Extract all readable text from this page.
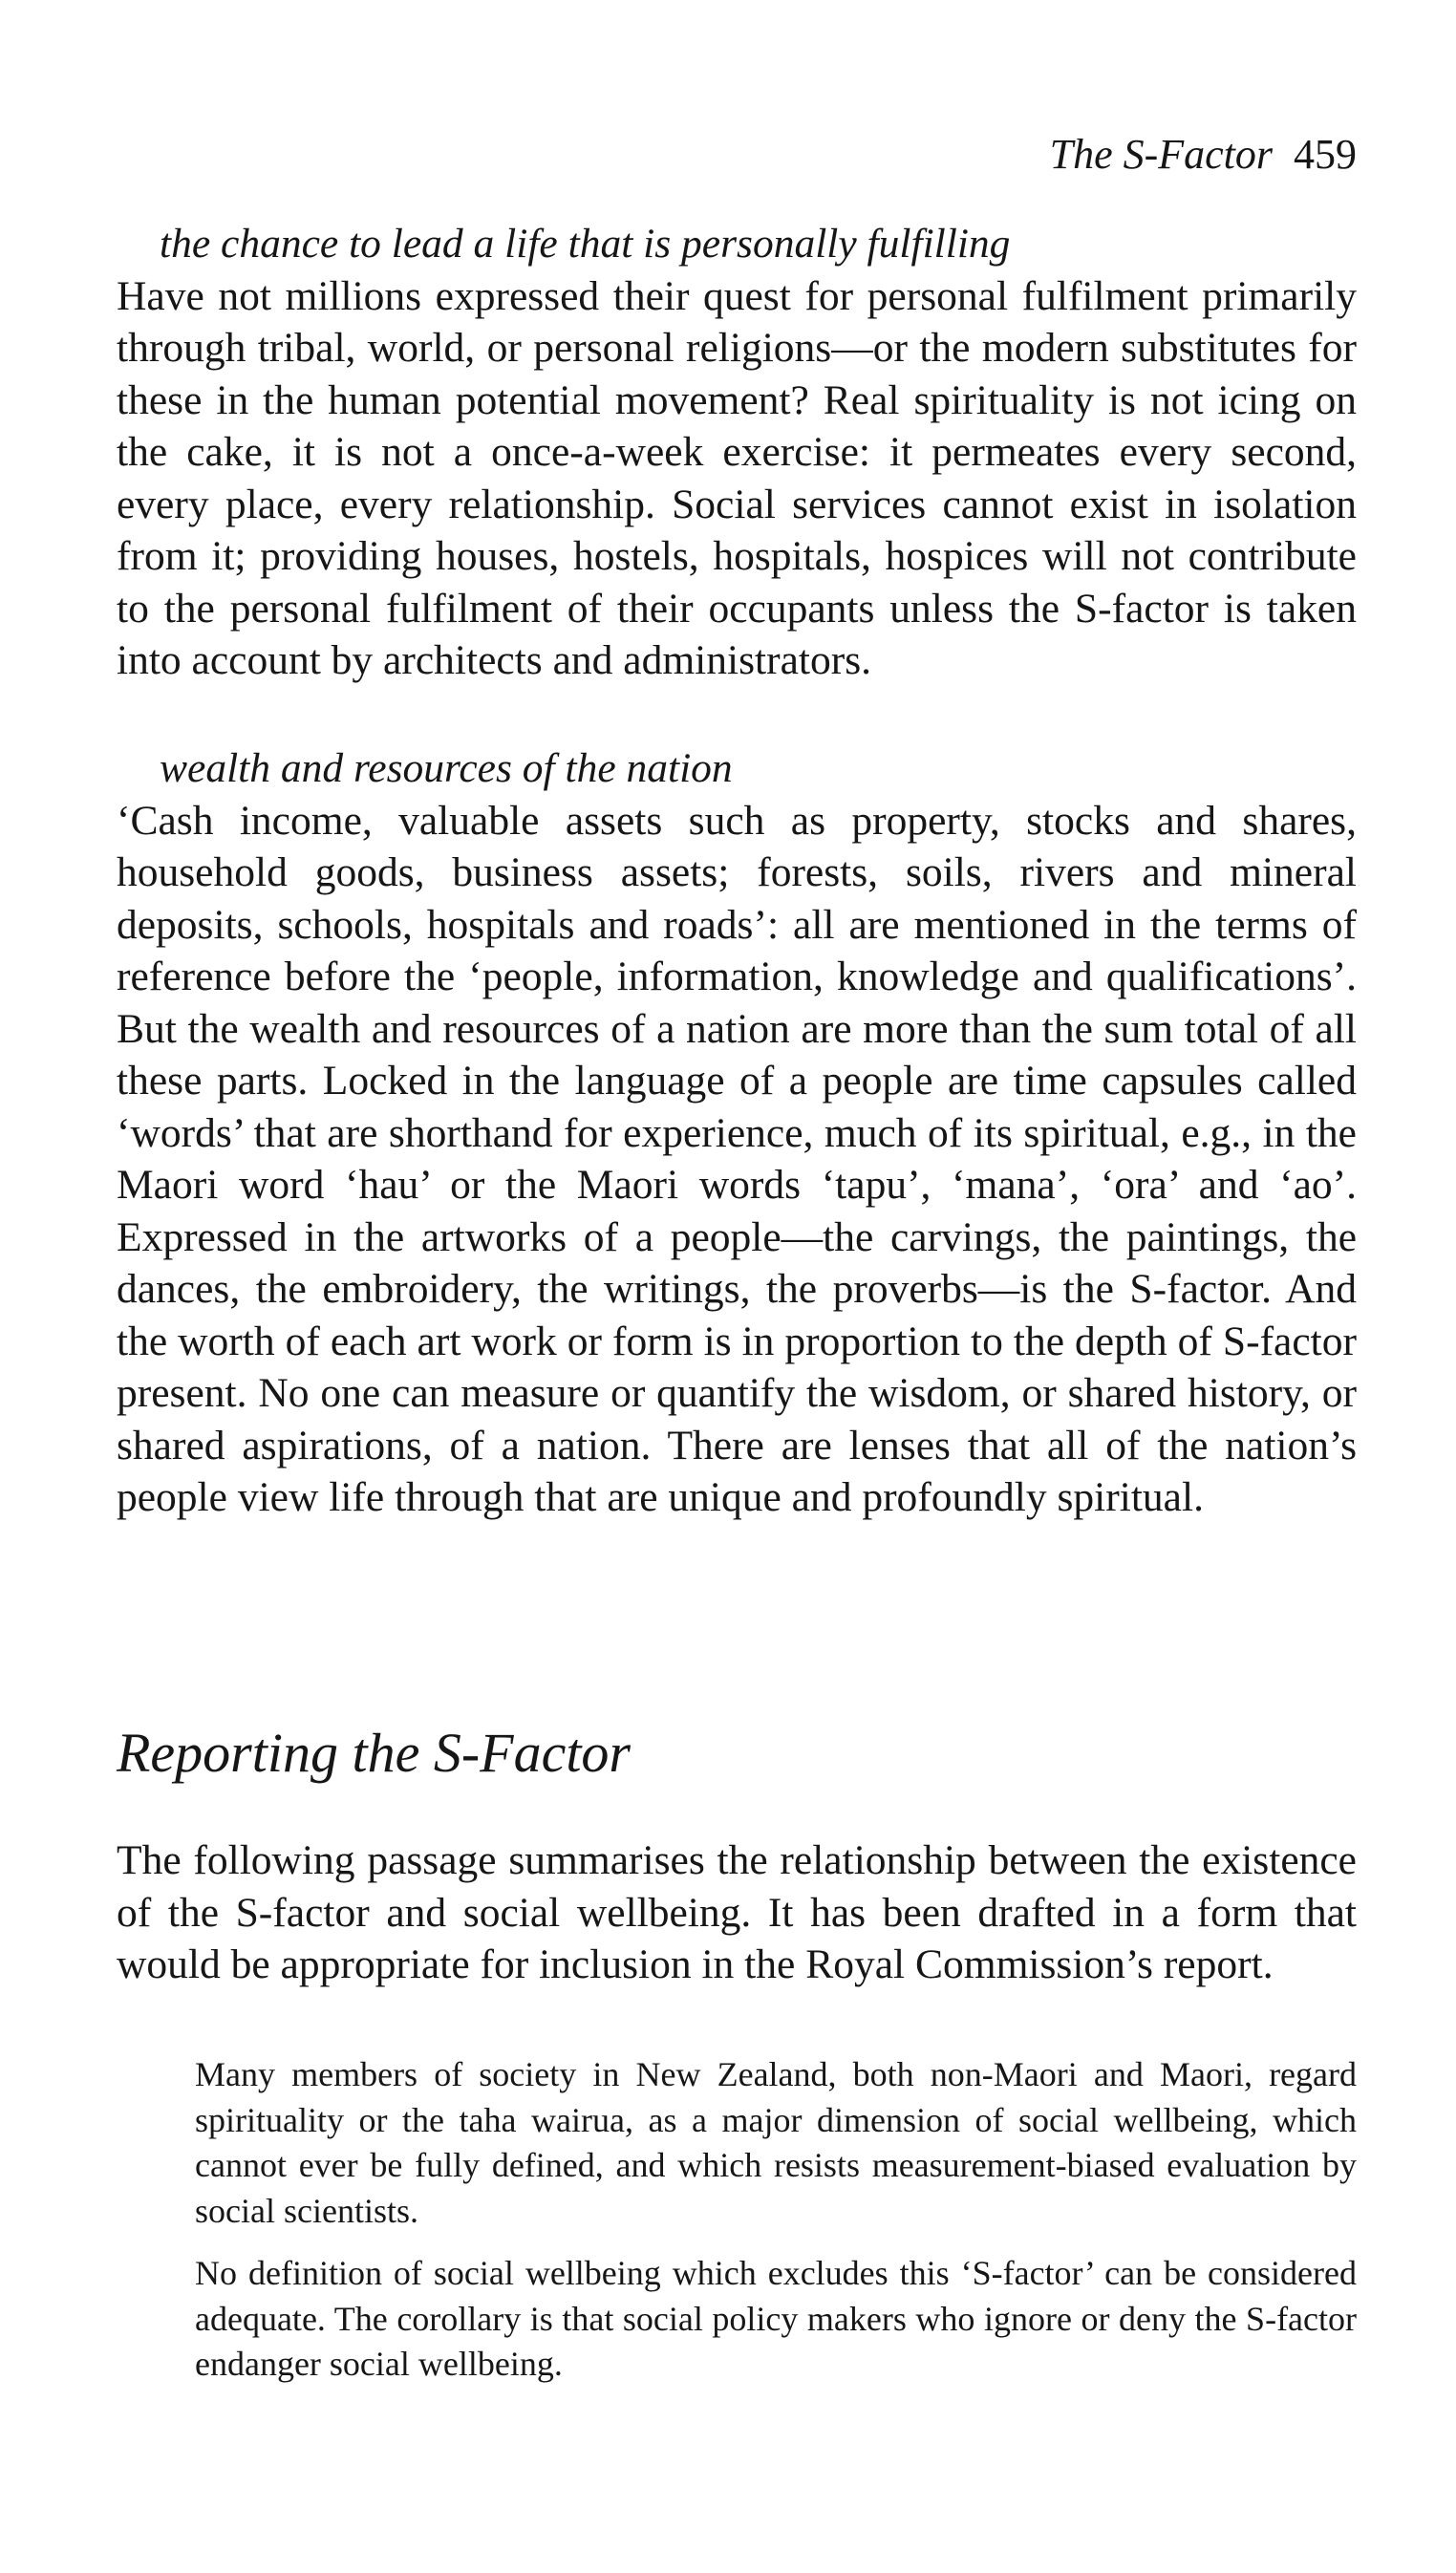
The S-Factor 459

the chance to lead a life that is personally fulfilling

Have not millions expressed their quest for personal fulfilment primarily through tribal, world, or personal religions—or the modern substitutes for these in the human potential movement? Real spirituality is not icing on the cake, it is not a once-a-week exercise: it permeates every second, every place, every relationship. Social services cannot exist in isolation from it; providing houses, hostels, hospitals, hospices will not contribute to the personal fulfilment of their occupants unless the S-factor is taken into account by architects and administrators.

wealth and resources of the nation

‘Cash income, valuable assets such as property, stocks and shares, household goods, business assets; forests, soils, rivers and mineral deposits, schools, hospitals and roads’: all are mentioned in the terms of reference before the ‘people, information, knowledge and qualifications’. But the wealth and resources of a nation are more than the sum total of all these parts. Locked in the language of a people are time capsules called ‘words’ that are shorthand for experience, much of its spiritual, e.g., in the Maori word ‘hau’ or the Maori words ‘tapu’, ‘mana’, ‘ora’ and ‘ao’. Expressed in the artworks of a people—the carvings, the paintings, the dances, the embroidery, the writings, the proverbs—is the S-factor. And the worth of each art work or form is in proportion to the depth of S-factor present. No one can measure or quantify the wisdom, or shared history, or shared aspirations, of a nation. There are lenses that all of the nation’s people view life through that are unique and profoundly spiritual.

Reporting the S-Factor

The following passage summarises the relationship between the existence of the S-factor and social wellbeing. It has been drafted in a form that would be appropriate for inclusion in the Royal Commission’s report.

Many members of society in New Zealand, both non-Maori and Maori, regard spirituality or the taha wairua, as a major dimension of social wellbeing, which cannot ever be fully defined, and which resists measurement-biased evaluation by social scientists.

No definition of social wellbeing which excludes this ‘S-factor’ can be considered adequate. The corollary is that social policy makers who ignore or deny the S-factor endanger social wellbeing.
